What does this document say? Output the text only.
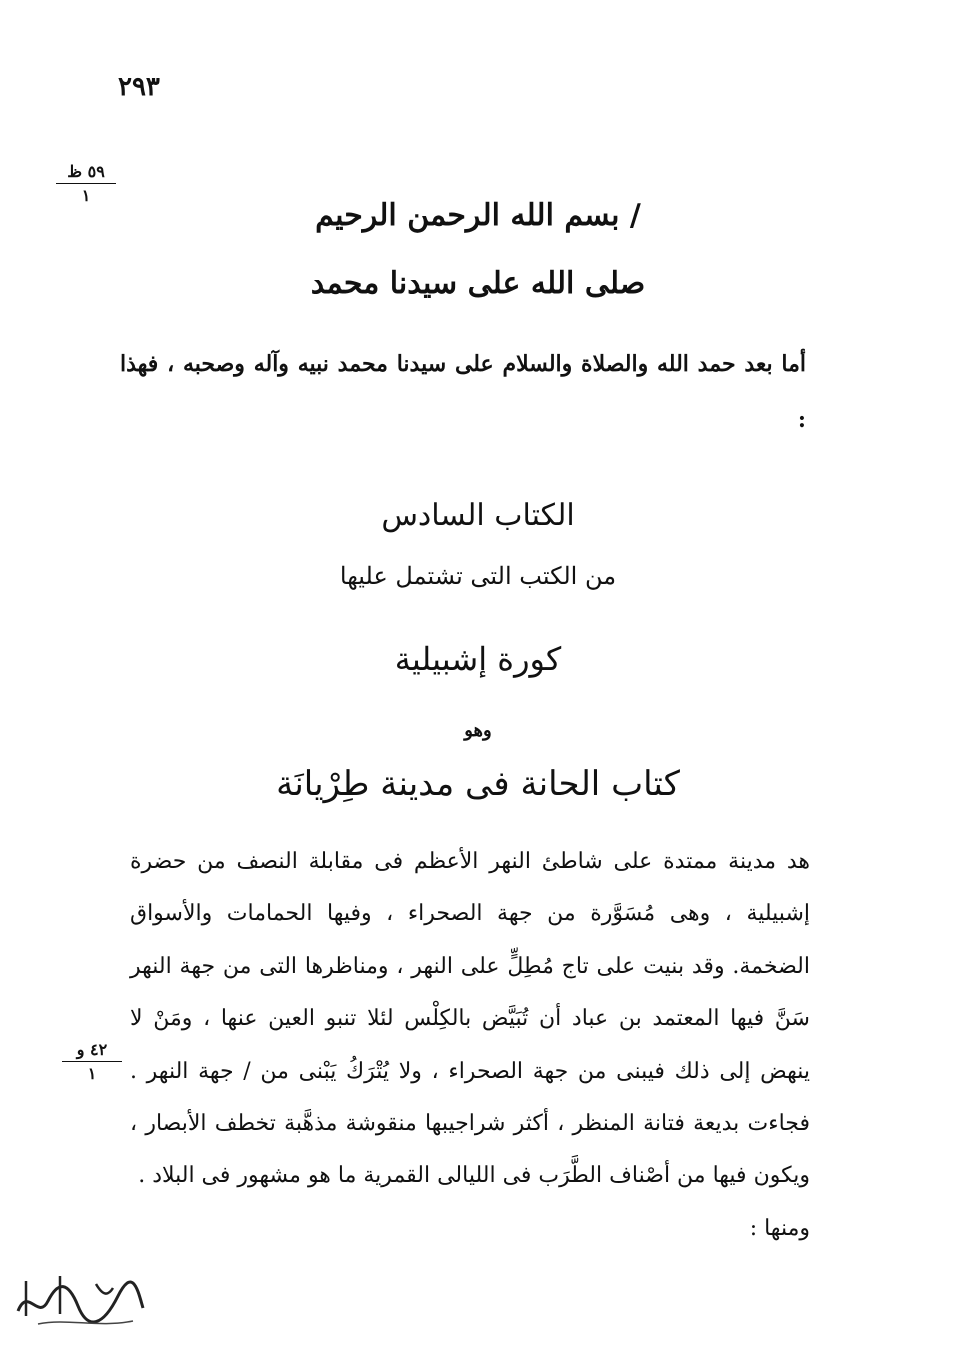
٢٩٣
٥٩ ظ
١
٤٢ و
١
/ بسم الله الرحمن الرحيم
صلى الله على سيدنا محمد
أما بعد حمد الله والصلاة والسلام على سيدنا محمد نبيه وآله وصحبه ، فهذا :
الكتاب السادس
من الكتب التى تشتمل عليها
كورة إشبيلية
وهو
كتاب الحانة فى مدينة طِرْيانَة

هد مدينة ممتدة على شاطئ النهر الأعظم فى مقابلة النصف من حضرة إشبيلية ، وهى مُسَوَّرة من جهة الصحراء ، وفيها الحمامات والأسواق الضخمة. وقد بنيت على تاج مُطِلٍّ على النهر ، ومناظرها التى من جهة النهر سَنَّ فيها المعتمد بن عباد أن تُبَيَّض بالكِلْس لئلا تنبو العين عنها ، ومَنْ لا ينهض إلى ذلك فيبنى من جهة الصحراء ، ولا يُتْرَكُ يَبْنى من / جهة النهر . فجاءت بديعة فتانة المنظر ، أكثر شراجيبها منقوشة مذهَّبة تخطف الأبصار ، ويكون فيها من أصْناف الطَّرَب فى الليالى القمرية ما هو مشهور فى البلاد .

ومنها :
